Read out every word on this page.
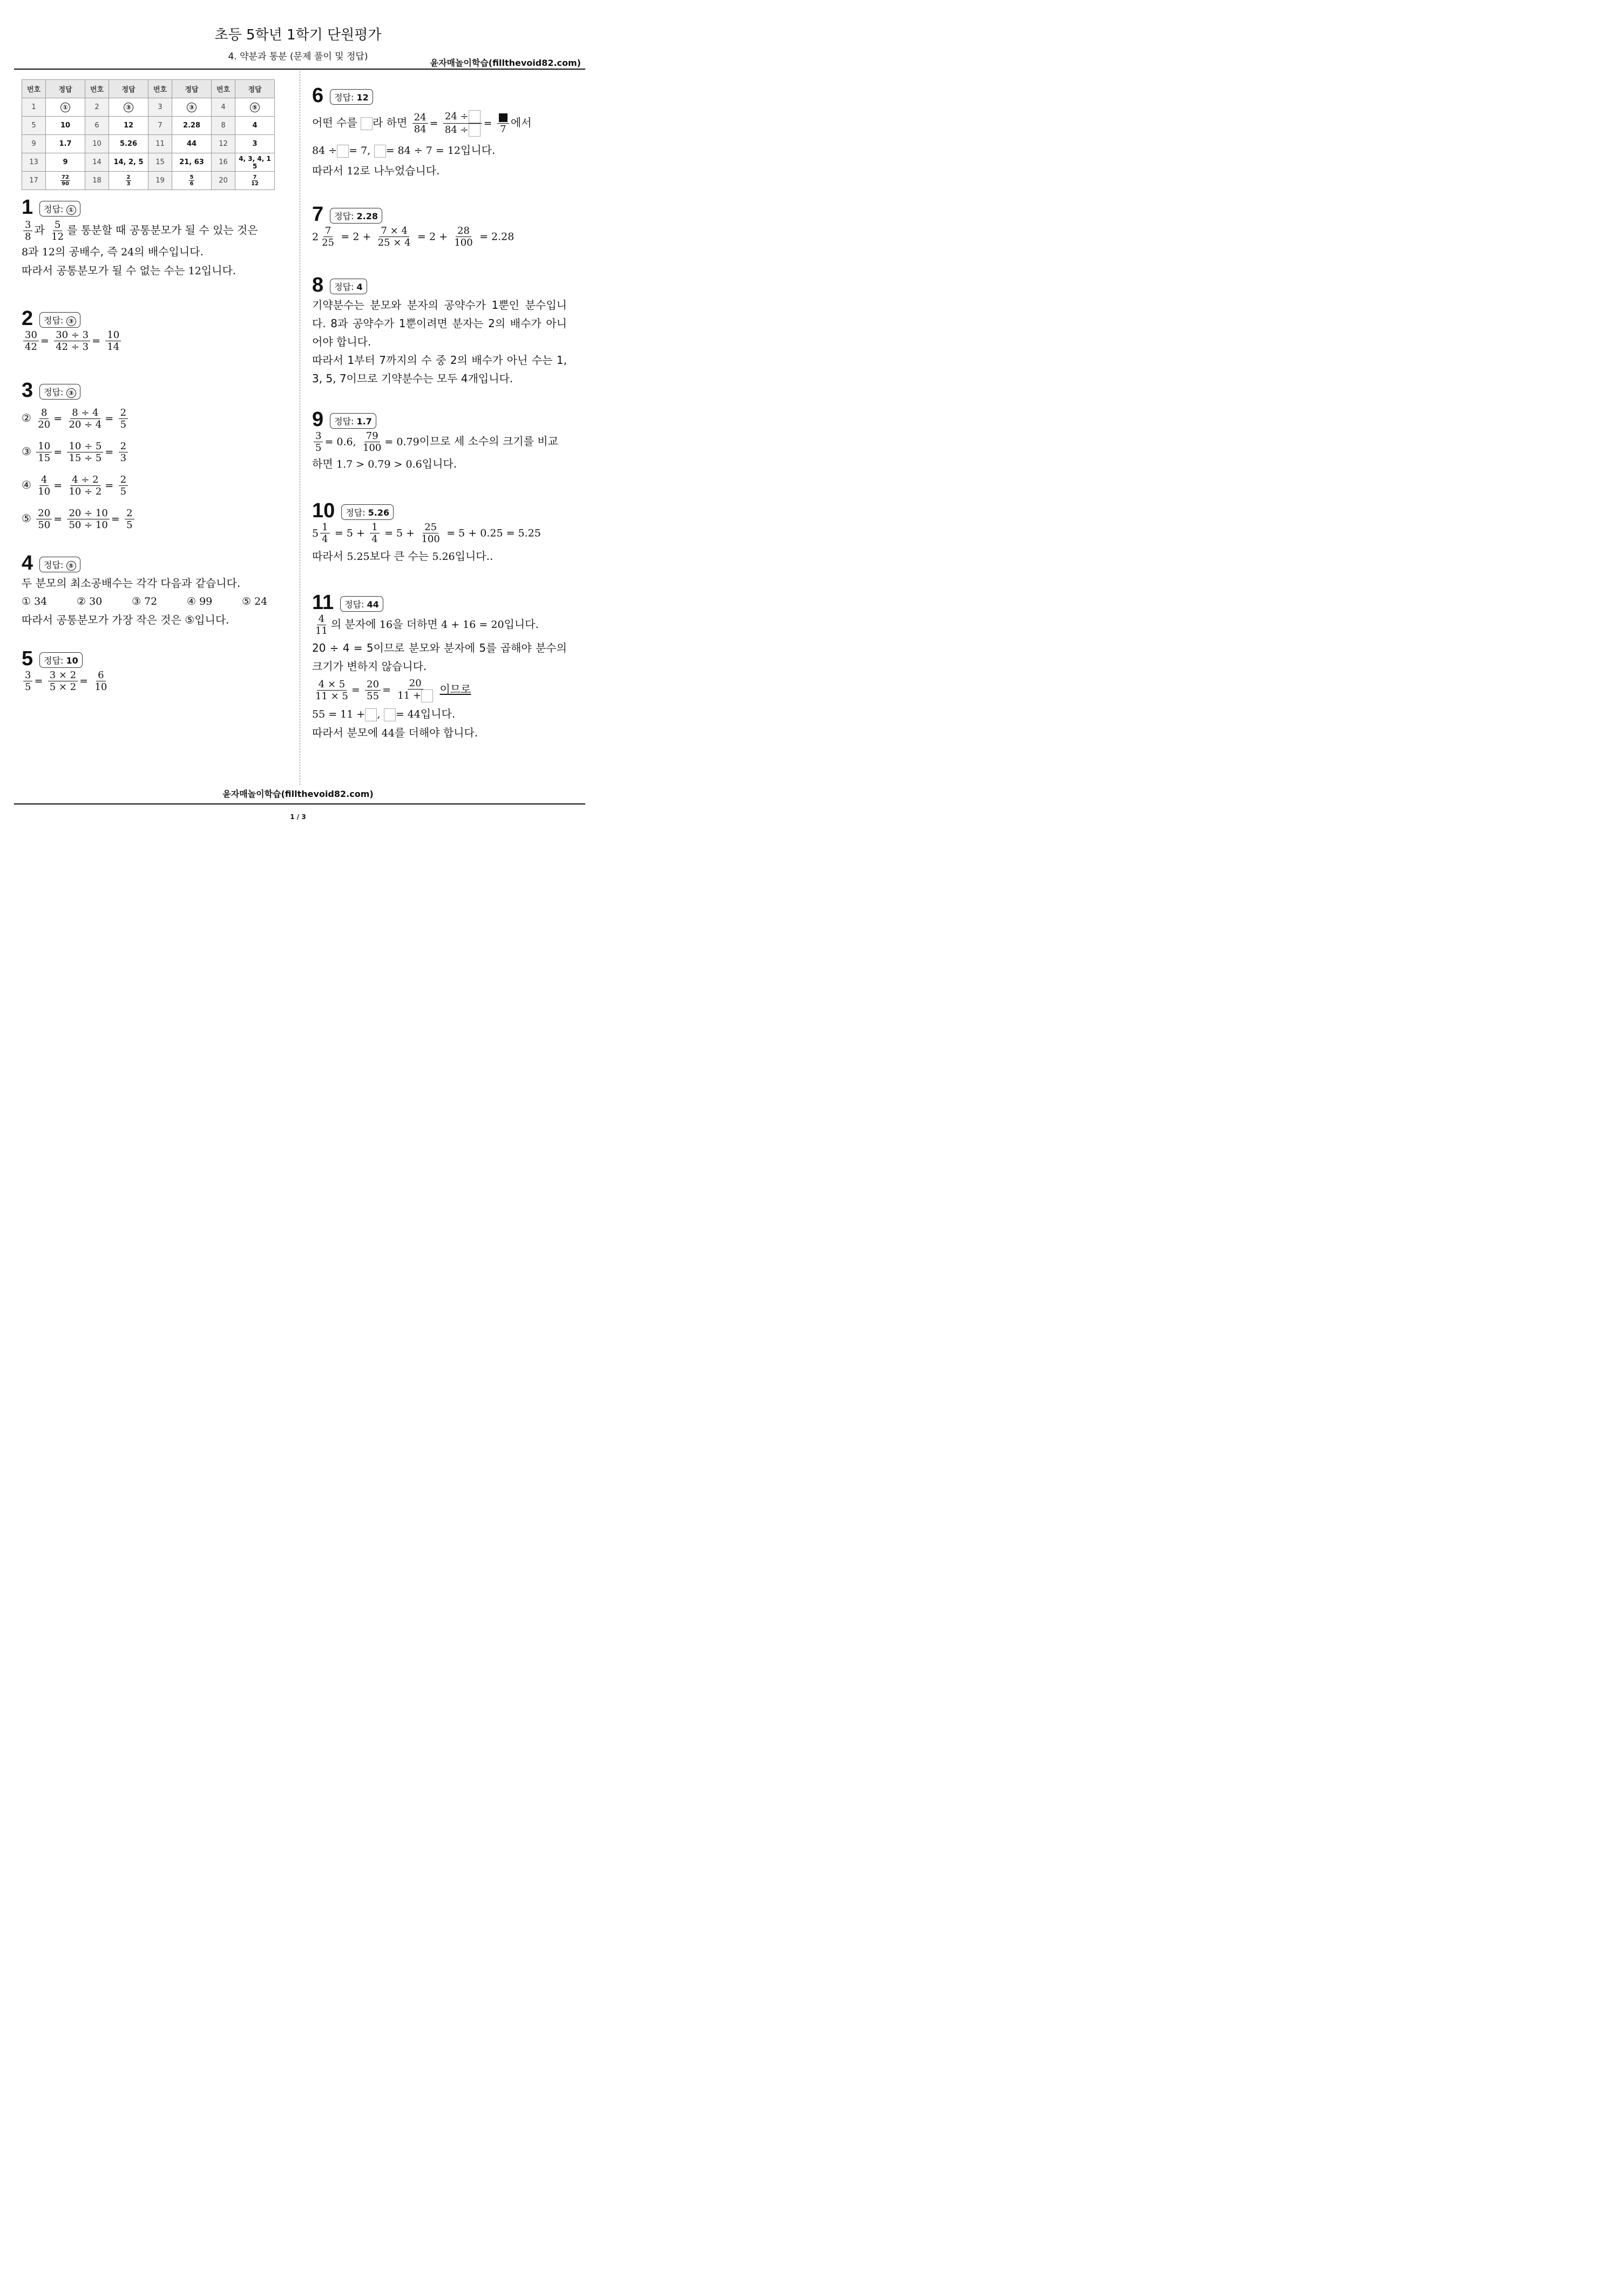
초등 5학년 1학기 단원평가
4. 약분과 통분 (문제 풀이 및 정답)
윤자매놀이학습(fillthevoid82.com)
번호	정답	번호	정답	번호	정답	번호	정답
1	①	2	③	3	③	4	⑤
5	10	6	12	7	2.28	8	4
9	1.7	10	5.26	11	44	12	3
13	9	14	14, 2, 5	15	21, 63	16	4, 3, 4, 1
5

17	$\frac{72}{90}$	18	$\frac{2}{3}$	19	$\frac{5}{6}$	20	$\frac{7}{12}$
1	정답: ①
$\frac{3}{8}$ 과 $\frac{5}{12}$ 를 통분할 때 공통분모가 될 수 있는 것은
8과 12의 공배수, 즉 24의 배수입니다.
따라서 공통분모가 될 수 없는 수는 12입니다.
2	정답: ③
$\frac{30}{42} = \frac{30 \div 3}{42 \div 3} = \frac{10}{14}$
3	정답: ③
② $\frac{8}{20} = \frac{8 \div 4}{20 \div 4} = \frac{2}{5}$
③ $\frac{10}{15} = \frac{10 \div 5}{15 \div 5} = \frac{2}{3}$
④ $\frac{4}{10} = \frac{4 \div 2}{10 \div 2} = \frac{2}{5}$
⑤ $\frac{20}{50} = \frac{20 \div 10}{50 \div 10} = \frac{2}{5}$
4	정답: ⑤
두 분모의 최소공배수는 각각 다음과 같습니다.
① 34	② 30	③ 72	④ 99	⑤ 24
따라서 공통분모가 가장 작은 것은 ⑤입니다.
5	정답: 10
$\frac{3}{5} = \frac{3 \times 2}{5 \times 2} = \frac{6}{10}$
6	정답: 12
어떤 수를 라 하면 $\frac{24}{84} = \frac{24 \div}{84 \div} = 7$
에서
84 ÷ = 7, = 84 ÷ 7 = 12입니다.
따라서 12로 나누었습니다.
7	정답: 2.28
$2 \frac{7}{25} = 2 + \frac{7 \times 4}{25 \times 4} = 2 + \frac{28}{100} = 2.28$
8	정답: 4
기약분수는 분모와 분자의 공약수가 1뿐인 분수입니다. 8과 공약수가 1뿐이려면 분자는 2의 배수가 아니어야 합니다.
따라서 1부터 7까지의 수 중 2의 배수가 아닌 수는 1, 3, 5, 7이므로 기약분수는 모두 4개입니다.
9	정답: 1.7
$\frac{3}{5} = 0.6$, $\frac{79}{100} = 0.79$이므로 세 소수의 크기를 비교
하면 1.7 > 0.79 > 0.6입니다.
10	정답: 5.26
$5 \frac{1}{4} = 5 + \frac{1}{4} = 5 + \frac{25}{100} = 5 + 0.25 = 5.25$
따라서 5.25보다 큰 수는 5.26입니다..
11	정답: 44
$\frac{4}{11}$ 의 분자에 16을 더하면 4 + 16 = 20입니다.
20 ÷ 4 = 5이므로 분모와 분자에 5를 곱해야 분수의 크기가 변하지 않습니다.
$\frac{4 \times 5}{11 \times 5} = \frac{20}{55} = \frac{20}{11 +}$ 이므로
55 = 11 + , = 44입니다.
따라서 분모에 44를 더해야 합니다.
윤자매놀이학습(fillthevoid82.com)
1 / 3
